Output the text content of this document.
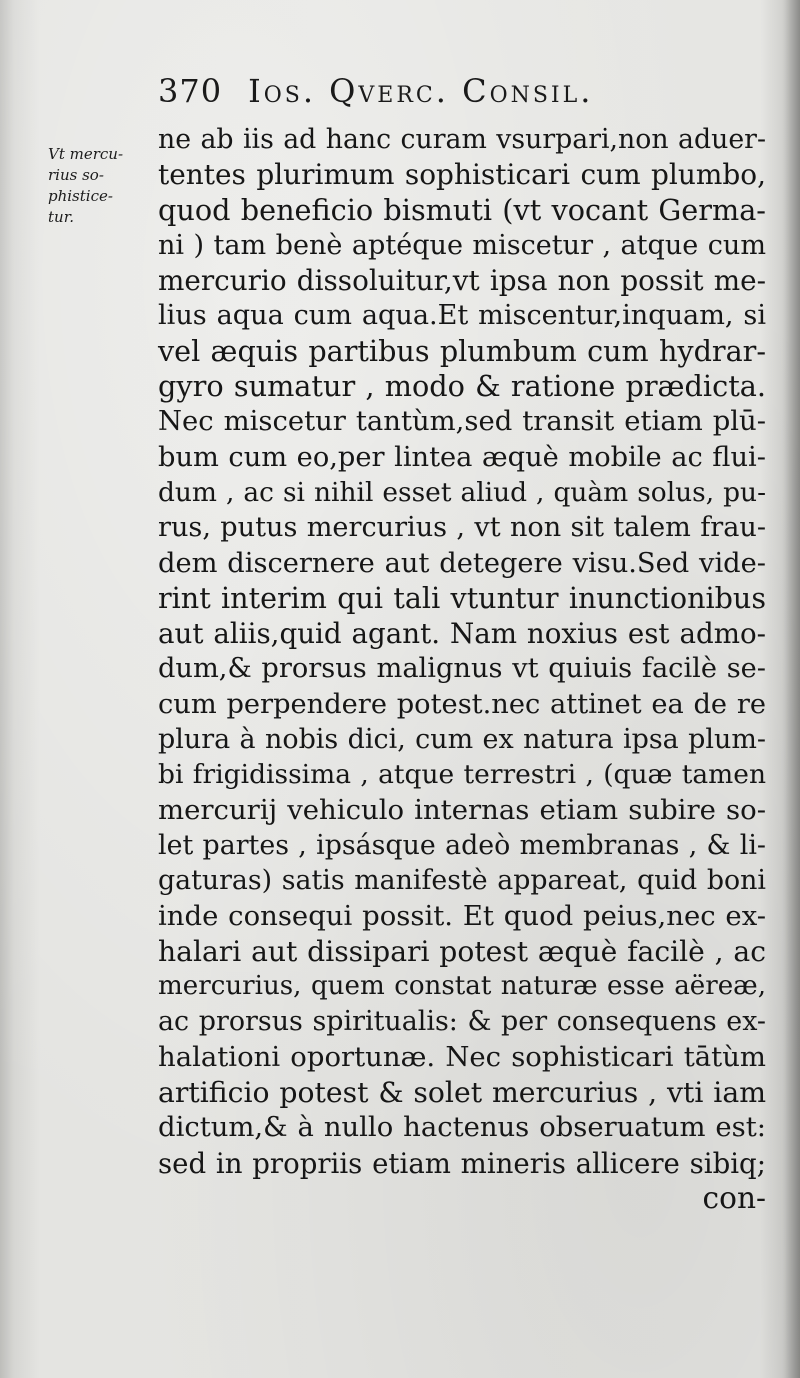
370 Ios. Qverc. Consil.
Vt mercu-
rius so-
phistice-
tur.
ne ab iis ad hanc curam vsurpari,non aduer-
tentes plurimum sophisticari cum plumbo,
quod beneficio bismuti (vt vocant Germa-
ni ) tam benè aptéque miscetur , atque cum
mercurio dissoluitur,vt ipsa non possit me-
lius aqua cum aqua.Et miscentur,inquam, si
vel æquis partibus plumbum cum hydrar-
gyro sumatur , modo & ratione prædicta.
Nec miscetur tantùm,sed transit etiam plū-
bum cum eo,per lintea æquè mobile ac flui-
dum , ac si nihil esset aliud , quàm solus, pu-
rus, putus mercurius , vt non sit talem frau-
dem discernere aut detegere visu.Sed vide-
rint interim qui tali vtuntur inunctionibus
aut aliis,quid agant. Nam noxius est admo-
dum,& prorsus malignus vt quiuis facilè se-
cum perpendere potest.nec attinet ea de re
plura à nobis dici, cum ex natura ipsa plum-
bi frigidissima , atque terrestri , (quæ tamen
mercurij vehiculo internas etiam subire so-
let partes , ipsásque adeò membranas , & li-
gaturas) satis manifestè appareat, quid boni
inde consequi possit. Et quod peius,nec ex-
halari aut dissipari potest æquè facilè , ac
mercurius, quem constat naturæ esse aëreæ,
ac prorsus spiritualis: & per consequens ex-
halationi oportunæ. Nec sophisticari tātùm
artificio potest & solet mercurius , vti iam
dictum,& à nullo hactenus obseruatum est:
sed in propriis etiam mineris allicere sibiq;
con-
